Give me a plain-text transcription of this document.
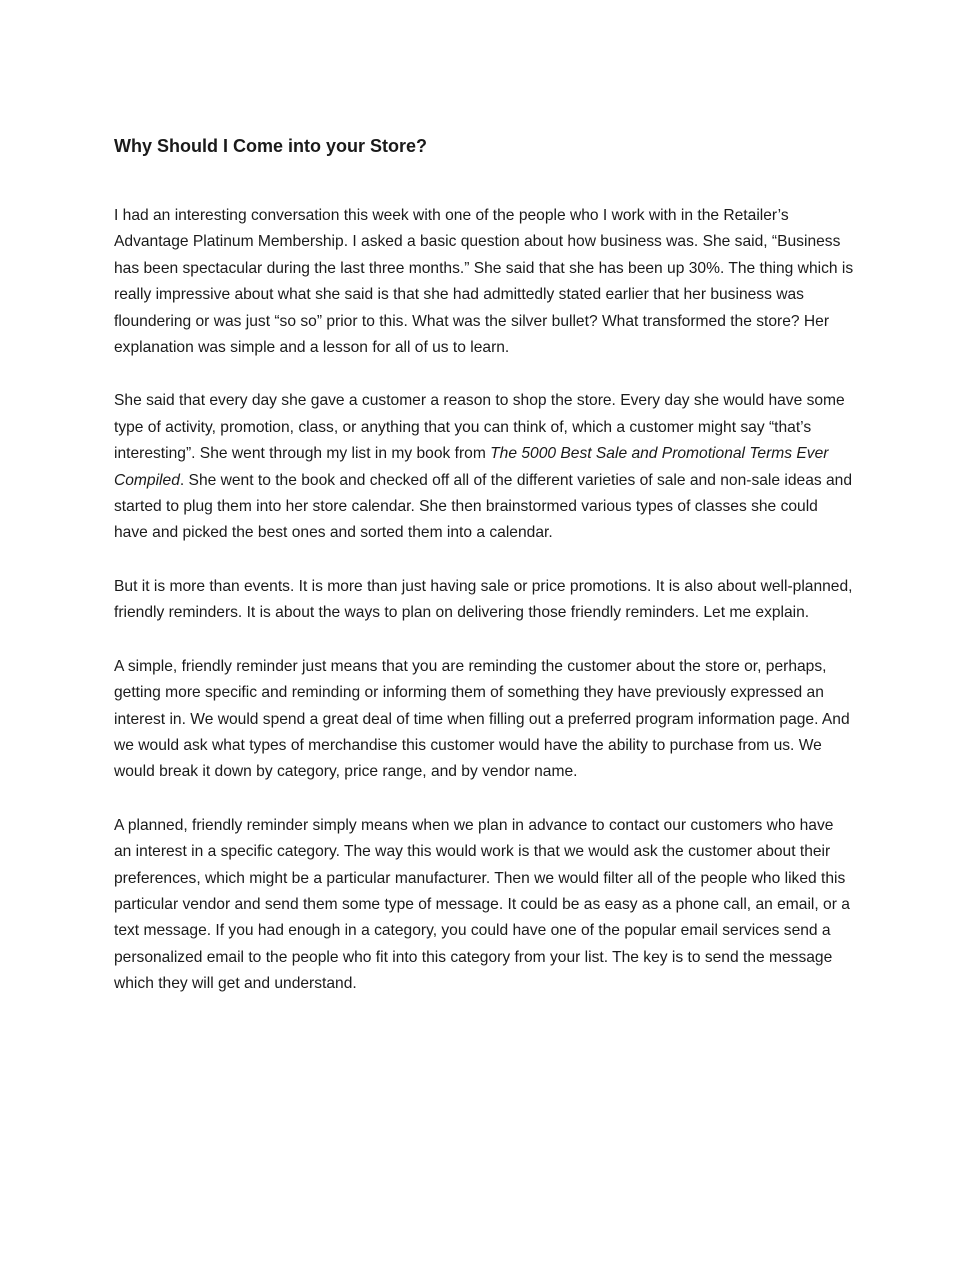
Why Should I Come into your Store?

I had an interesting conversation this week with one of the people who I work with in the Retailer’s Advantage Platinum Membership. I asked a basic question about how business was. She said, “Business has been spectacular during the last three months.” She said that she has been up 30%. The thing which is really impressive about what she said is that she had admittedly stated earlier that her business was floundering or was just “so so” prior to this. What was the silver bullet? What transformed the store? Her explanation was simple and a lesson for all of us to learn.

She said that every day she gave a customer a reason to shop the store. Every day she would have some type of activity, promotion, class, or anything that you can think of, which a customer might say “that’s interesting”. She went through my list in my book from The 5000 Best Sale and Promotional Terms Ever Compiled. She went to the book and checked off all of the different varieties of sale and non-sale ideas and started to plug them into her store calendar. She then brainstormed various types of classes she could have and picked the best ones and sorted them into a calendar.

But it is more than events. It is more than just having sale or price promotions. It is also about well-planned, friendly reminders. It is about the ways to plan on delivering those friendly reminders. Let me explain.

A simple, friendly reminder just means that you are reminding the customer about the store or, perhaps, getting more specific and reminding or informing them of something they have previously expressed an interest in. We would spend a great deal of time when filling out a preferred program information page. And we would ask what types of merchandise this customer would have the ability to purchase from us. We would break it down by category, price range, and by vendor name.

A planned, friendly reminder simply means when we plan in advance to contact our customers who have an interest in a specific category. The way this would work is that we would ask the customer about their preferences, which might be a particular manufacturer. Then we would filter all of the people who liked this particular vendor and send them some type of message. It could be as easy as a phone call, an email, or a text message. If you had enough in a category, you could have one of the popular email services send a personalized email to the people who fit into this category from your list. The key is to send the message which they will get and understand.
